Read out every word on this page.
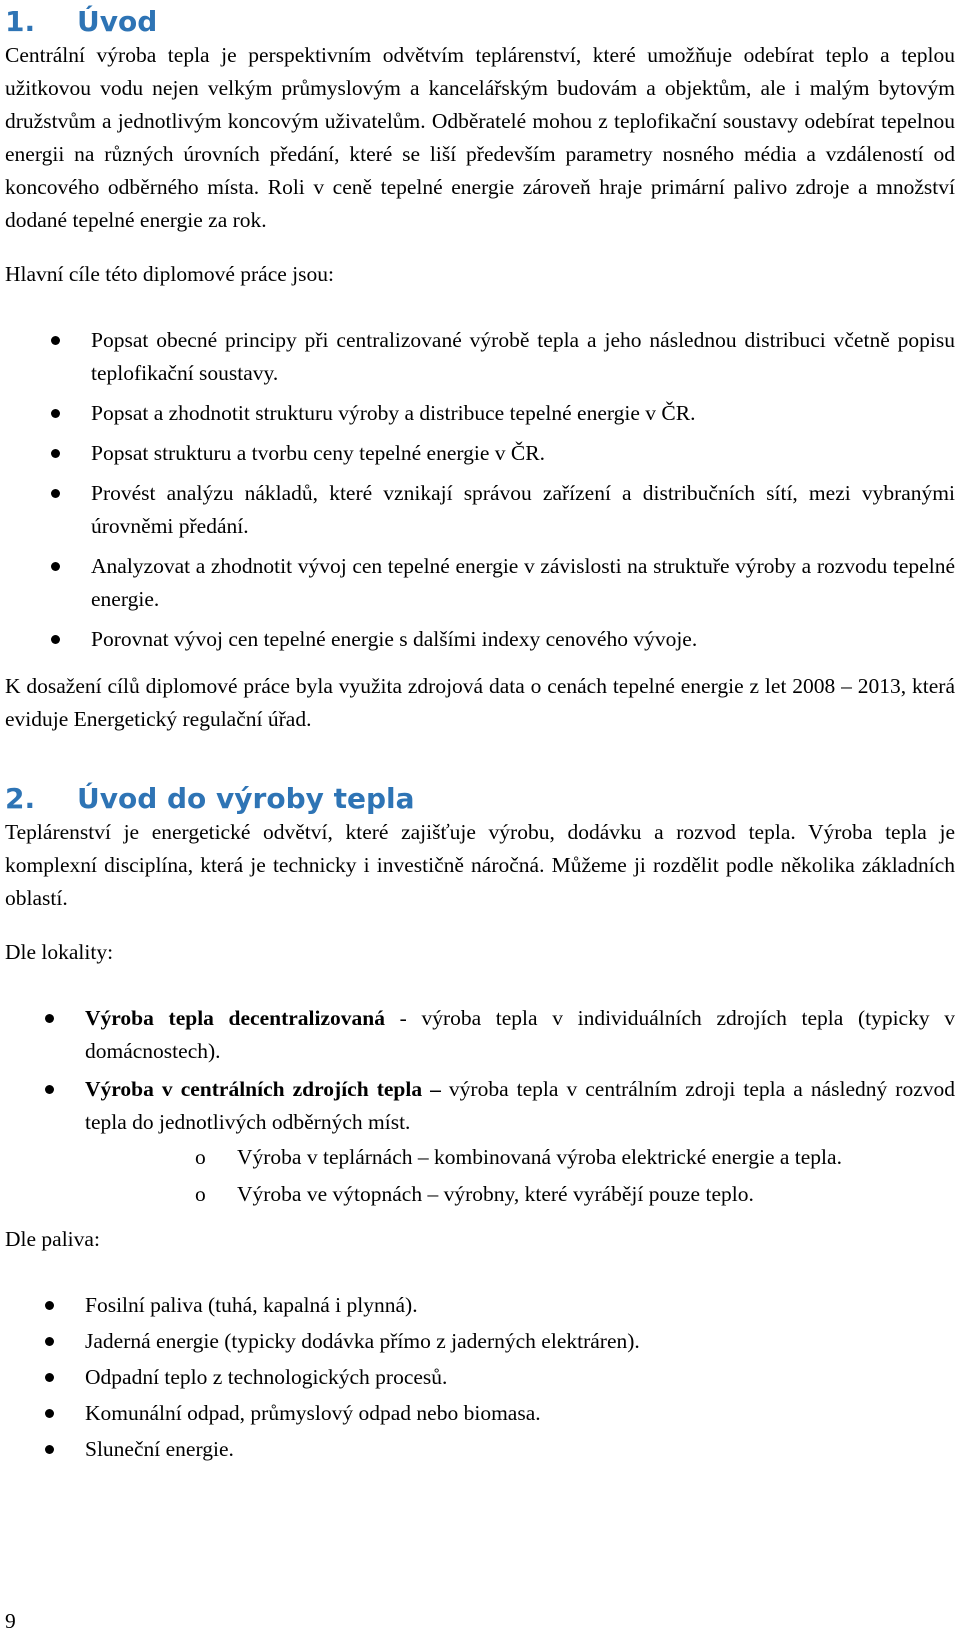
1. Úvod

Centrální výroba tepla je perspektivním odvětvím teplárenství, které umožňuje odebírat teplo a teplou užitkovou vodu nejen velkým průmyslovým a kancelářským budovám a objektům, ale i malým bytovým družstvům a jednotlivým koncovým uživatelům. Odběratelé mohou z teplofikační soustavy odebírat tepelnou energii na různých úrovních předání, které se liší především parametry nosného média a vzdáleností od koncového odběrného místa. Roli v ceně tepelné energie zároveň hraje primární palivo zdroje a množství dodané tepelné energie za rok.

Hlavní cíle této diplomové práce jsou:

Popsat obecné principy při centralizované výrobě tepla a jeho následnou distribuci včetně popisu teplofikační soustavy.
Popsat a zhodnotit strukturu výroby a distribuce tepelné energie v ČR.
Popsat strukturu a tvorbu ceny tepelné energie v ČR.
Provést analýzu nákladů, které vznikají správou zařízení a distribučních sítí, mezi vybranými úrovněmi předání.
Analyzovat a zhodnotit vývoj cen tepelné energie v závislosti na struktuře výroby a rozvodu tepelné energie.
Porovnat vývoj cen tepelné energie s dalšími indexy cenového vývoje.

K dosažení cílů diplomové práce byla využita zdrojová data o cenách tepelné energie z let 2008 – 2013, která eviduje Energetický regulační úřad.

2. Úvod do výroby tepla

Teplárenství je energetické odvětví, které zajišťuje výrobu, dodávku a rozvod tepla. Výroba tepla je komplexní disciplína, která je technicky i investičně náročná. Můžeme ji rozdělit podle několika základních oblastí.

Dle lokality:

Výroba tepla decentralizovaná - výroba tepla v individuálních zdrojích tepla (typicky v domácnostech).
Výroba v centrálních zdrojích tepla – výroba tepla v centrálním zdroji tepla a následný rozvod tepla do jednotlivých odběrných míst.
o Výroba v teplárnách – kombinovaná výroba elektrické energie a tepla.
o Výroba ve výtopnách – výrobny, které vyrábějí pouze teplo.

Dle paliva:

Fosilní paliva (tuhá, kapalná i plynná).
Jaderná energie (typicky dodávka přímo z jaderných elektráren).
Odpadní teplo z technologických procesů.
Komunální odpad, průmyslový odpad nebo biomasa.
Sluneční energie.
9
